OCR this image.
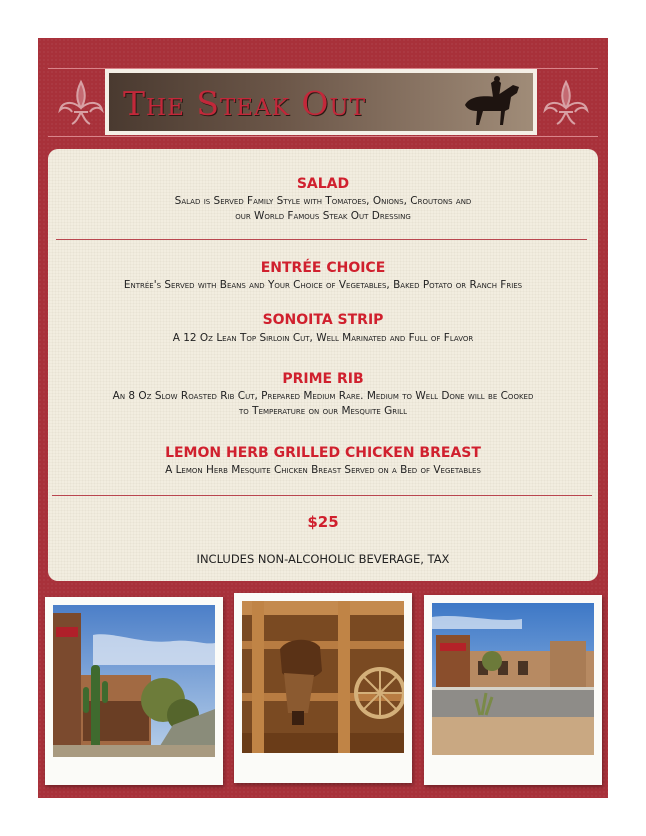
The Steak Out
SALAD
Salad is Served Family Style with Tomatoes, Onions, Croutons and
our World Famous Steak Out Dressing
ENTRÉE CHOICE
Entrée's Served with Beans and Your Choice of Vegetables, Baked Potato or Ranch Fries
SONOITA STRIP
A 12 Oz Lean Top Sirloin Cut, Well Marinated and Full of Flavor
PRIME RIB
An 8 Oz Slow Roasted Rib Cut, Prepared Medium Rare. Medium to Well Done will be Cooked
to Temperature on our Mesquite Grill
LEMON HERB GRILLED CHICKEN BREAST
A Lemon Herb Mesquite Chicken Breast Served on a Bed of Vegetables
$25
INCLUDES NON-ALCOHOLIC BEVERAGE, TAX
